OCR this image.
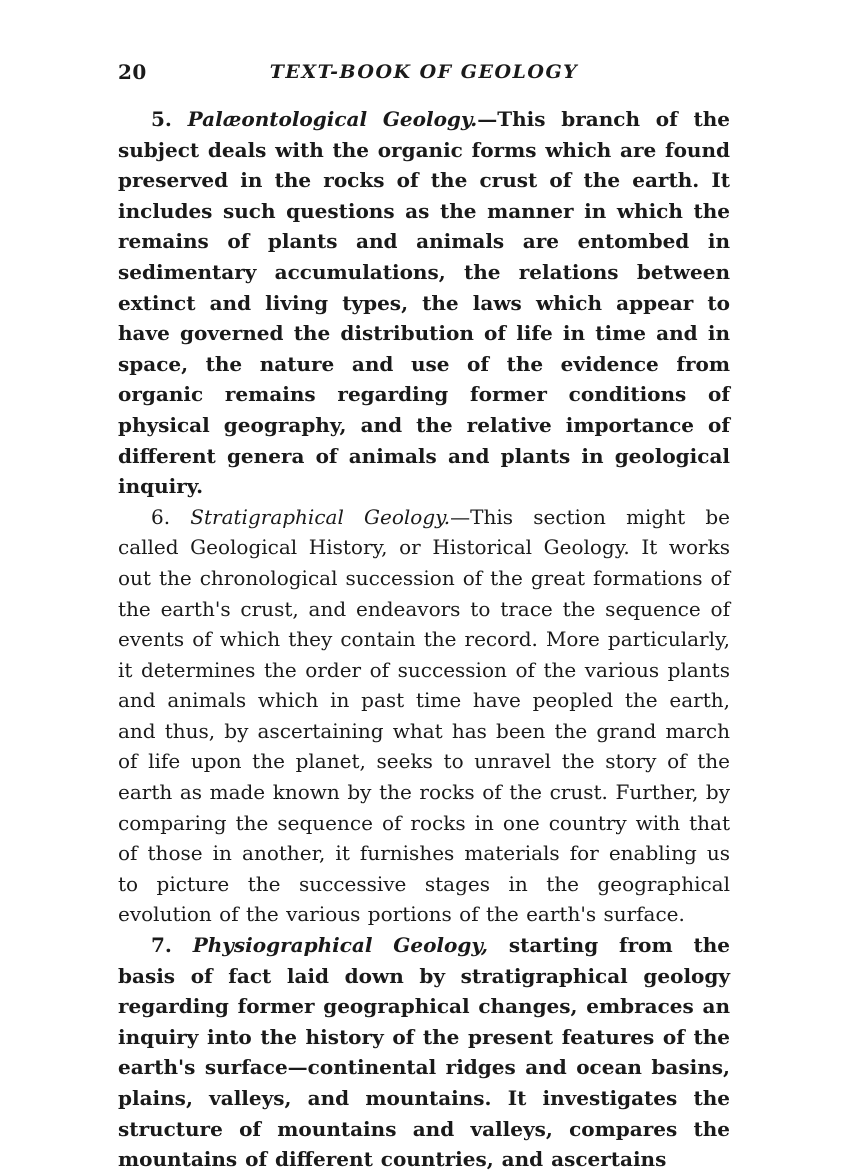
20	TEXT-BOOK OF GEOLOGY

5. Palæontological Geology.—This branch of the subject deals with the organic forms which are found preserved in the rocks of the crust of the earth. It includes such questions as the manner in which the remains of plants and animals are entombed in sedimentary accumulations, the relations between extinct and living types, the laws which appear to have governed the distribution of life in time and in space, the nature and use of the evidence from organic remains regarding former conditions of physical geography, and the relative importance of different genera of animals and plants in geological inquiry.

6. Stratigraphical Geology.—This section might be called Geological History, or Historical Geology. It works out the chronological succession of the great formations of the earth's crust, and endeavors to trace the sequence of events of which they contain the record. More particularly, it determines the order of succession of the various plants and animals which in past time have peopled the earth, and thus, by ascertaining what has been the grand march of life upon the planet, seeks to unravel the story of the earth as made known by the rocks of the crust. Further, by comparing the sequence of rocks in one country with that of those in another, it furnishes materials for enabling us to picture the successive stages in the geographical evolution of the various portions of the earth's surface.

7. Physiographical Geology, starting from the basis of fact laid down by stratigraphical geology regarding former geographical changes, embraces an inquiry into the history of the present features of the earth's surface—continental ridges and ocean basins, plains, valleys, and mountains. It investigates the structure of mountains and valleys, compares the mountains of different countries, and ascertains
